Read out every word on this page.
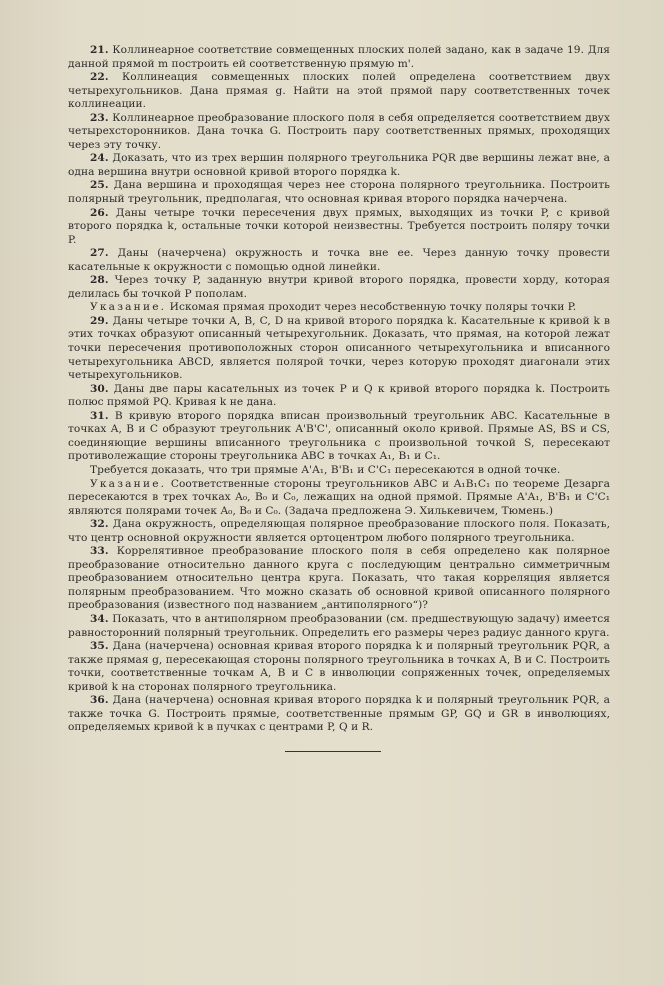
21. Коллинеарное соответствие совмещенных плоских полей задано, как в задаче 19. Для данной прямой m построить ей соответственную прямую m'.

22. Коллинеация совмещенных плоских полей определена соответствием двух четырехугольников. Дана прямая g. Найти на этой прямой пару соответственных точек коллинеации.

23. Коллинеарное преобразование плоского поля в себя определяется соответствием двух четырехсторонников. Дана точка G. Построить пару соответственных прямых, проходящих через эту точку.

24. Доказать, что из трех вершин полярного треугольника PQR две вершины лежат вне, а одна вершина внутри основной кривой второго порядка k.

25. Дана вершина и проходящая через нее сторона полярного треугольника. Построить полярный треугольник, предполагая, что основная кривая второго порядка начерчена.

26. Даны четыре точки пересечения двух прямых, выходящих из точки P, с кривой второго порядка k, остальные точки которой неизвестны. Требуется построить поляру точки P.

27. Даны (начерчена) окружность и точка вне ее. Через данную точку провести касательные к окружности с помощью одной линейки.

28. Через точку P, заданную внутри кривой второго порядка, провести хорду, которая делилась бы точкой P пополам.

Указание. Искомая прямая проходит через несобственную точку поляры точки P.

29. Даны четыре точки A, B, C, D на кривой второго порядка k. Касательные к кривой k в этих точках образуют описанный четырехугольник. Доказать, что прямая, на которой лежат точки пересечения противоположных сторон описанного четырехугольника и вписанного четырехугольника ABCD, является полярой точки, через которую проходят диагонали этих четырехугольников.

30. Даны две пары касательных из точек P и Q к кривой второго порядка k. Построить полюс прямой PQ. Кривая k не дана.

31. В кривую второго порядка вписан произвольный треугольник ABC. Касательные в точках A, B и C образуют треугольник A'B'C', описанный около кривой. Прямые AS, BS и CS, соединяющие вершины вписанного треугольника с произвольной точкой S, пересекают противолежащие стороны треугольника ABC в точках A₁, B₁ и C₁.

Требуется доказать, что три прямые A'A₁, B'B₁ и C'C₁ пересекаются в одной точке.

Указание. Соответственные стороны треугольников ABC и A₁B₁C₁ по теореме Дезарга пересекаются в трех точках A₀, B₀ и C₀, лежащих на одной прямой. Прямые A'A₁, B'B₁ и C'C₁ являются полярами точек A₀, B₀ и C₀. (Задача предложена Э. Хилькевичем, Тюмень.)

32. Дана окружность, определяющая полярное преобразование плоского поля. Показать, что центр основной окружности является ортоцентром любого полярного треугольника.

33. Коррелятивное преобразование плоского поля в себя определено как полярное преобразование относительно данного круга с последующим центрально симметричным преобразованием относительно центра круга. Показать, что такая корреляция является полярным преобразованием. Что можно сказать об основной кривой описанного полярного преобразования (известного под названием „антиполярного“)?

34. Показать, что в антиполярном преобразовании (см. предшествующую задачу) имеется равносторонний полярный треугольник. Определить его размеры через радиус данного круга.

35. Дана (начерчена) основная кривая второго порядка k и полярный треугольник PQR, а также прямая g, пересекающая стороны полярного треугольника в точках A, B и C. Построить точки, соответственные точкам A, B и C в инволюции сопряженных точек, определяемых кривой k на сторонах полярного треугольника.

36. Дана (начерчена) основная кривая второго порядка k и полярный треугольник PQR, а также точка G. Построить прямые, соответственные прямым GP, GQ и GR в инволюциях, определяемых кривой k в пучках с центрами P, Q и R.
